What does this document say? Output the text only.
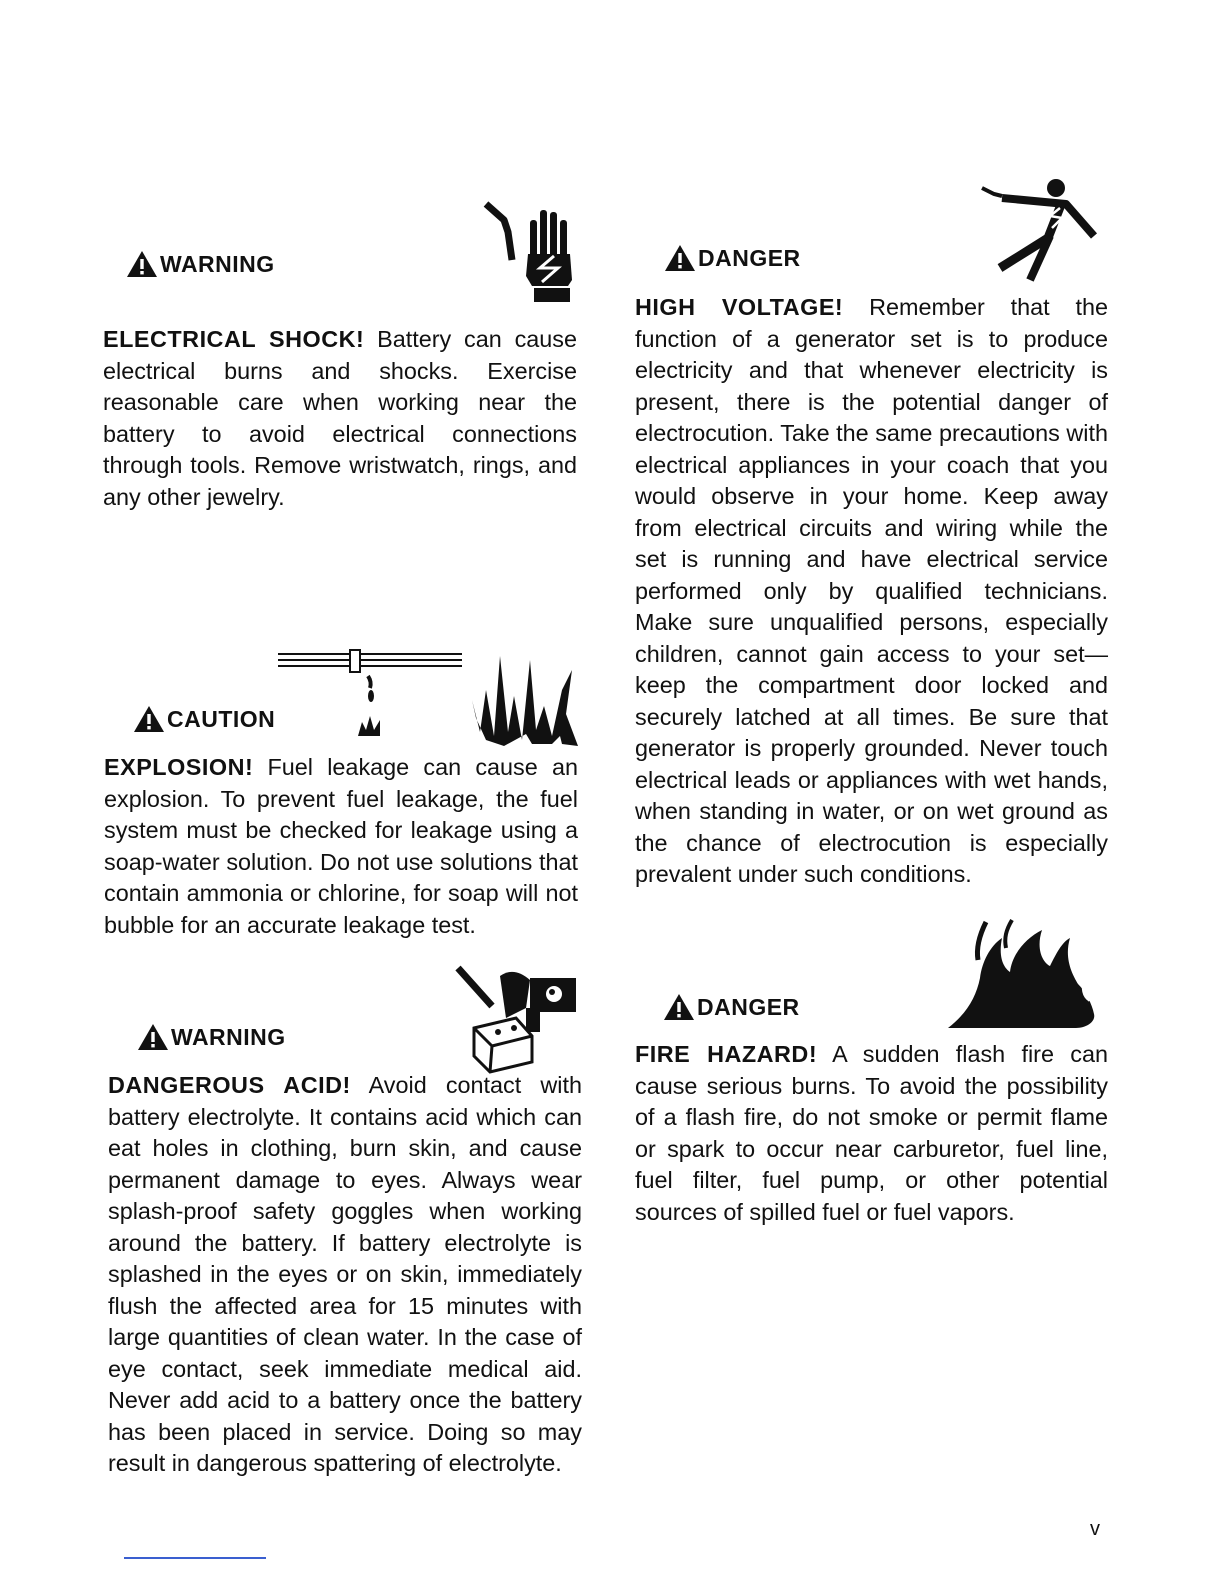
WARNING
ELECTRICAL SHOCK! Battery can cause electrical burns and shocks. Exercise reasonable care when working near the battery to avoid electrical connections through tools. Remove wristwatch, rings, and any other jewelry.
CAUTION
EXPLOSION! Fuel leakage can cause an explosion. To prevent fuel leakage, the fuel system must be checked for leakage using a soap-water solution. Do not use solutions that contain ammonia or chlorine, for soap will not bubble for an accurate leakage test.
WARNING
DANGEROUS ACID! Avoid contact with battery electrolyte. It contains acid which can eat holes in clothing, burn skin, and cause permanent damage to eyes. Always wear splash-proof safety goggles when working around the battery. If battery electrolyte is splashed in the eyes or on skin, immediately flush the affected area for 15 minutes with large quantities of clean water. In the case of eye contact, seek immediate medical aid. Never add acid to a battery once the battery has been placed in service. Doing so may result in dangerous spattering of electrolyte.
DANGER
HIGH VOLTAGE! Remember that the function of a generator set is to produce electricity and that whenever electricity is present, there is the potential danger of electrocution. Take the same precautions with electrical appliances in your coach that you would observe in your home. Keep away from electrical circuits and wiring while the set is running and have electrical service performed only by qualified technicians. Make sure unqualified persons, especially children, cannot gain access to your set—keep the compartment door locked and securely latched at all times. Be sure that generator is properly grounded. Never touch electrical leads or appliances with wet hands, when standing in water, or on wet ground as the chance of electrocution is especially prevalent under such conditions.
DANGER
FIRE HAZARD! A sudden flash fire can cause serious burns. To avoid the possibility of a flash fire, do not smoke or permit flame or spark to occur near carburetor, fuel line, fuel filter, fuel pump, or other potential sources of spilled fuel or fuel vapors.
v
